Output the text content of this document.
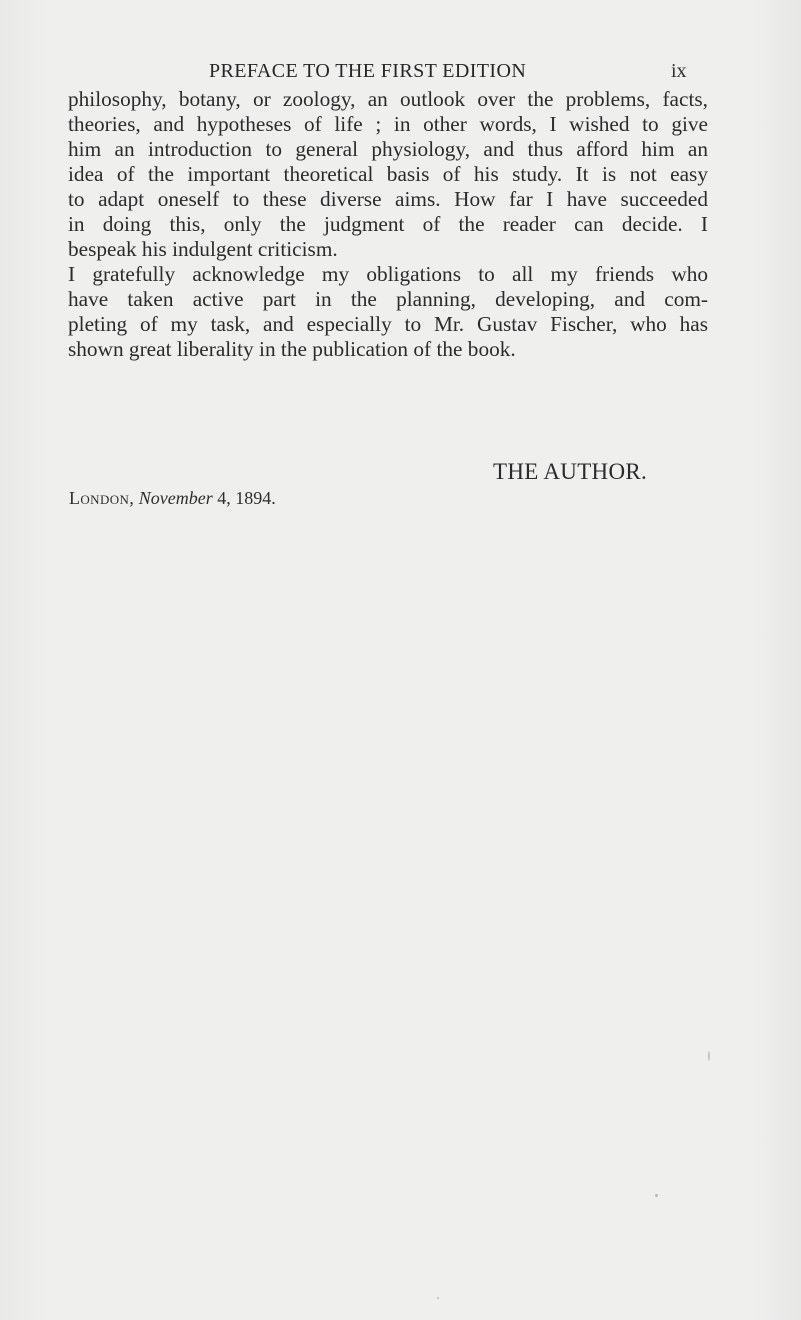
PREFACE TO THE FIRST EDITION	ix
philosophy, botany, or zoology, an outlook over the problems, facts,
theories, and hypotheses of life ; in other words, I wished to give
him an introduction to general physiology, and thus afford him an
idea of the important theoretical basis of his study. It is not easy
to adapt oneself to these diverse aims. How far I have succeeded
in doing this, only the judgment of the reader can decide. I
bespeak his indulgent criticism.
I gratefully acknowledge my obligations to all my friends who
have taken active part in the planning, developing, and com-
pleting of my task, and especially to Mr. Gustav Fischer, who has
shown great liberality in the publication of the book.
THE AUTHOR.
London, November 4, 1894.
